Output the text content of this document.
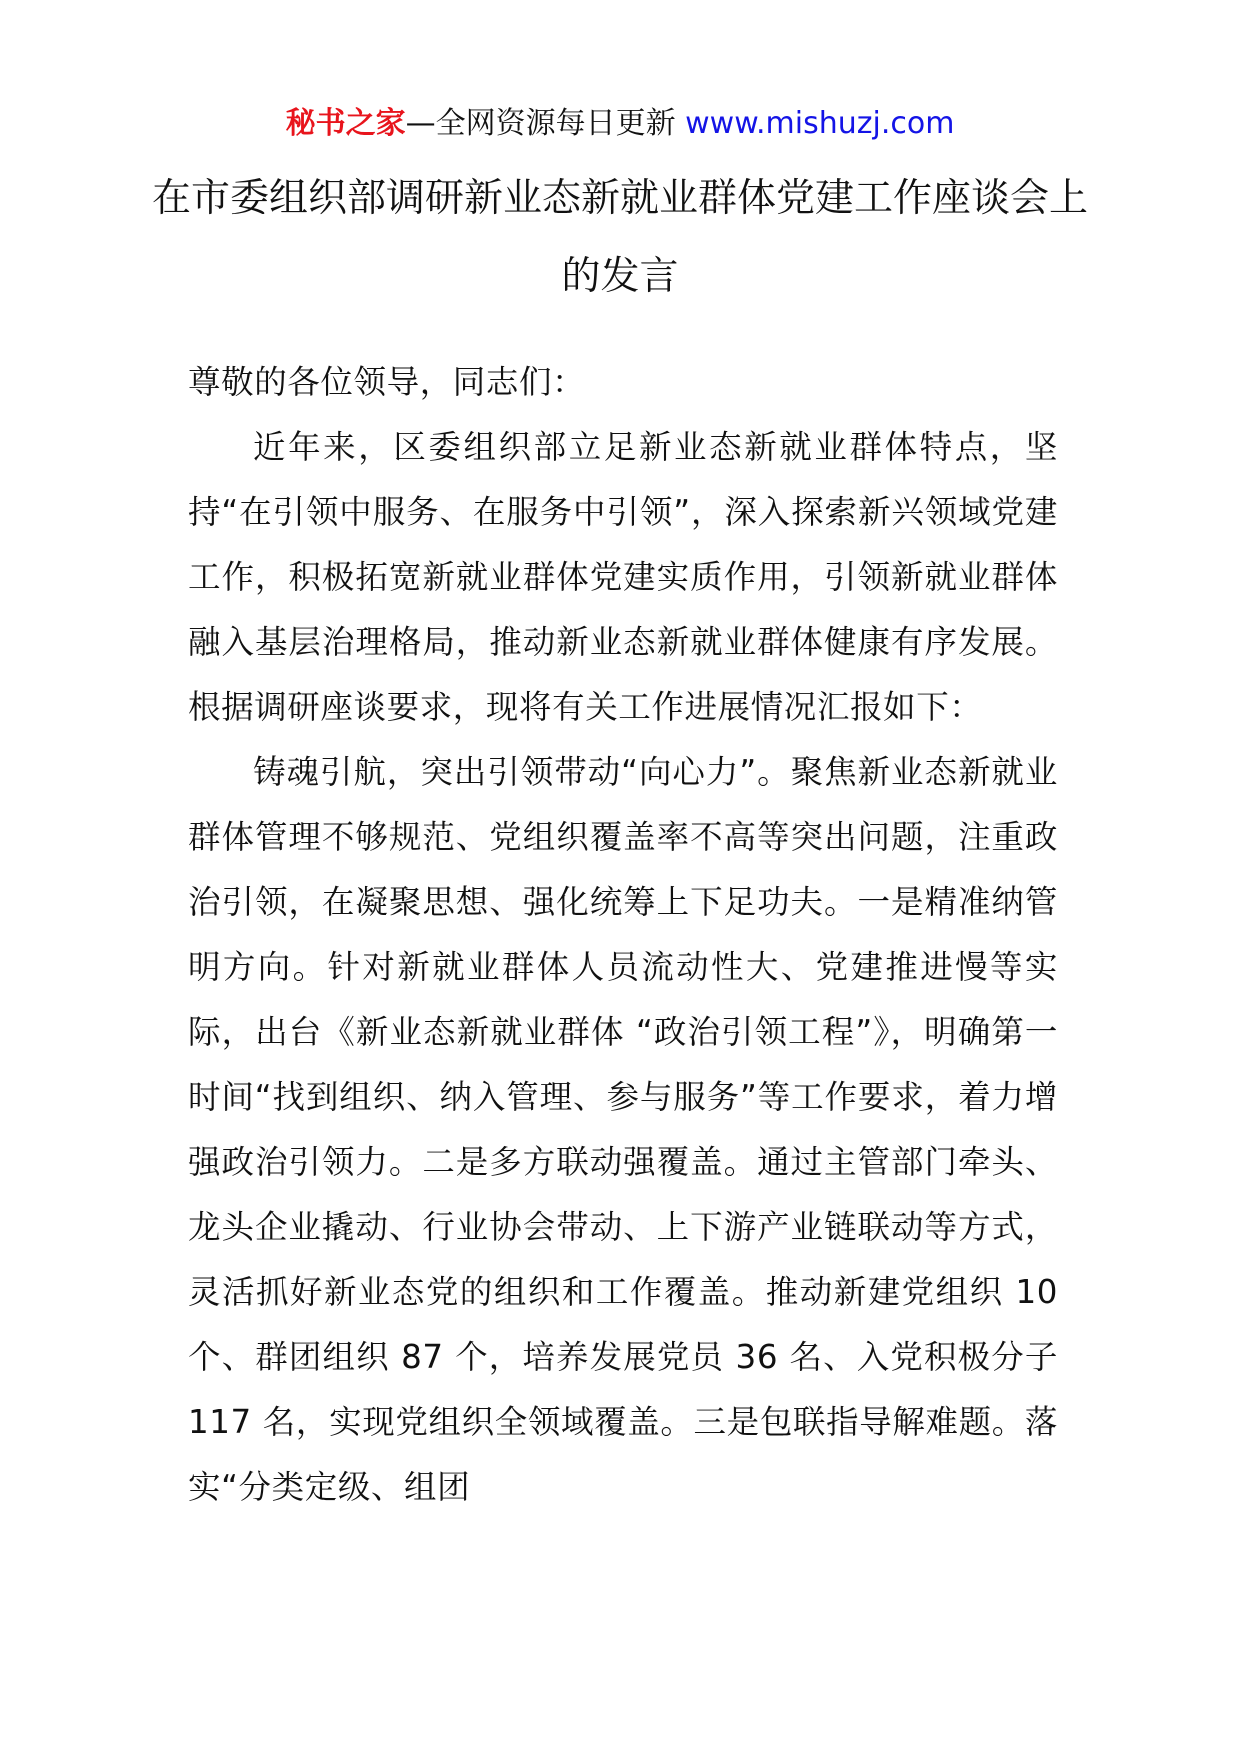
秘书之家—全网资源每日更新 www.mishuzj.com
在市委组织部调研新业态新就业群体党建工作座谈会上的发言

尊敬的各位领导，同志们：

近年来，区委组织部立足新业态新就业群体特点，坚持“在引领中服务、在服务中引领”，深入探索新兴领域党建工作，积极拓宽新就业群体党建实质作用，引领新就业群体融入基层治理格局，推动新业态新就业群体健康有序发展。根据调研座谈要求，现将有关工作进展情况汇报如下：

铸魂引航，突出引领带动“向心力”。聚焦新业态新就业群体管理不够规范、党组织覆盖率不高等突出问题，注重政治引领，在凝聚思想、强化统筹上下足功夫。一是精准纳管明方向。针对新就业群体人员流动性大、党建推进慢等实际，出台《新业态新就业群体 “政治引领工程”》，明确第一时间“找到组织、纳入管理、参与服务”等工作要求，着力增强政治引领力。二是多方联动强覆盖。通过主管部门牵头、龙头企业撬动、行业协会带动、上下游产业链联动等方式，灵活抓好新业态党的组织和工作覆盖。推动新建党组织 10 个、群团组织 87 个，培养发展党员 36 名、入党积极分子 117 名，实现党组织全领域覆盖。三是包联指导解难题。落实“分类定级、组团
